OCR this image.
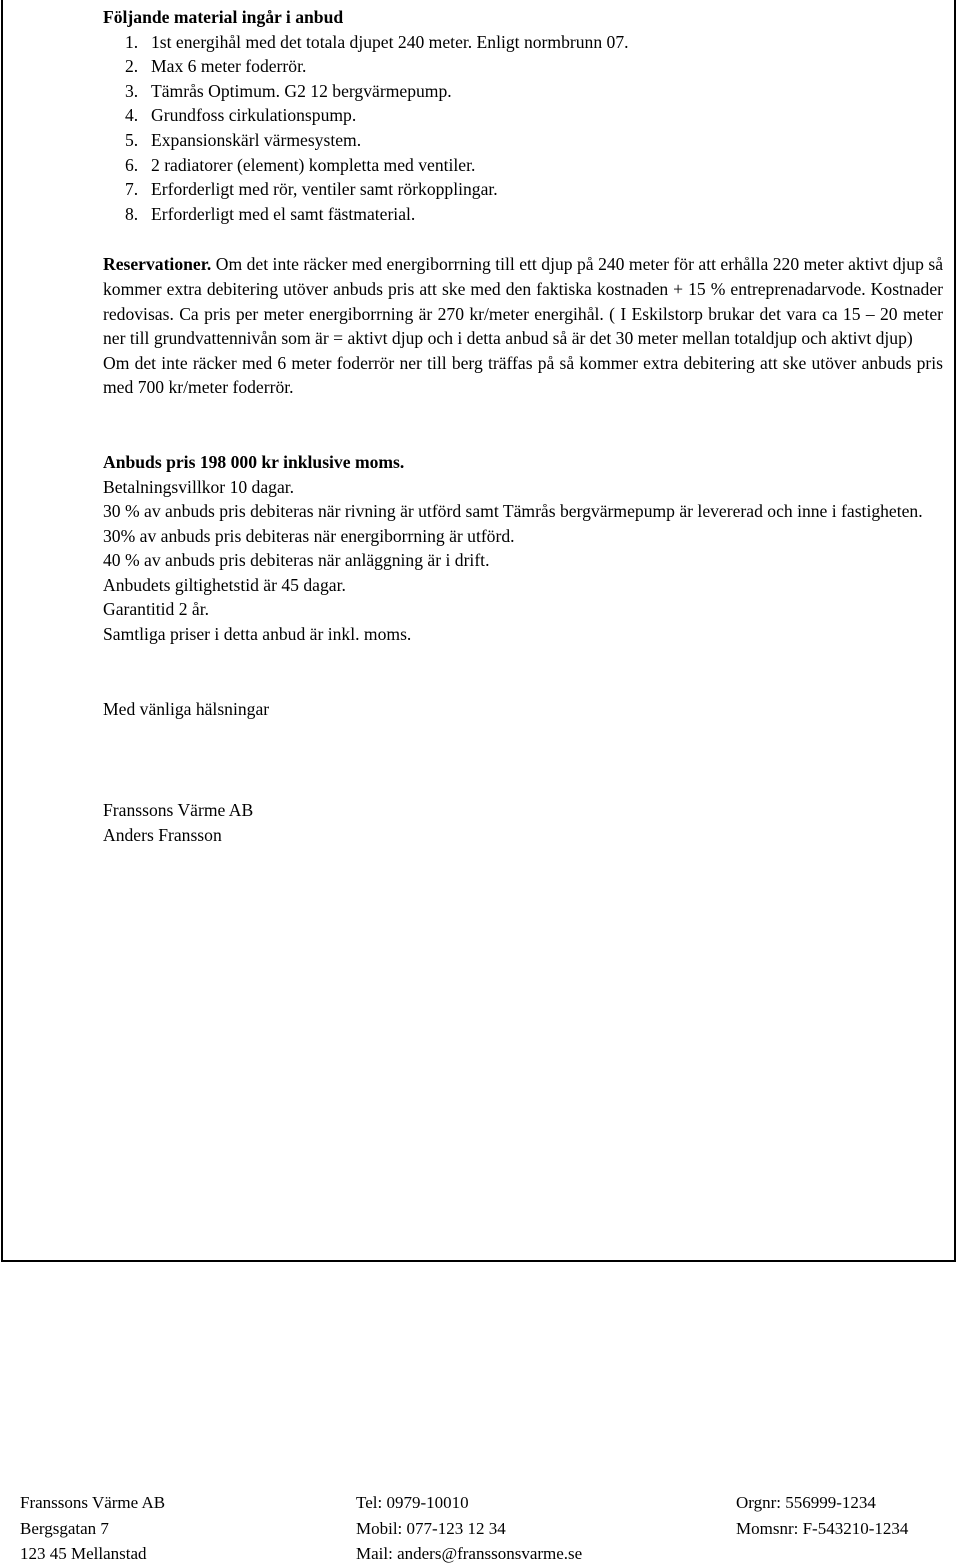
Följande material ingår i anbud

1. 1st energihål med det totala djupet 240 meter. Enligt normbrunn 07.
2. Max 6 meter foderrör.
3. Tämrås Optimum. G2 12 bergvärmepump.
4. Grundfoss cirkulationspump.
5. Expansionskärl värmesystem.
6. 2 radiatorer (element) kompletta med ventiler.
7. Erforderligt med rör, ventiler samt rörkopplingar.
8. Erforderligt med el samt fästmaterial.

Reservationer. Om det inte räcker med energiborrning till ett djup på 240 meter för att erhålla 220 meter aktivt djup så kommer extra debitering utöver anbuds pris att ske med den faktiska kostnaden + 15 % entreprenadarvode. Kostnader redovisas. Ca pris per meter energiborrning är 270 kr/meter energihål. ( I Eskilstorp brukar det vara ca 15 – 20 meter ner till grundvattennivån som är = aktivt djup och i detta anbud så är det 30 meter mellan totaldjup och aktivt djup)

Om det inte räcker med 6 meter foderrör ner till berg träffas på så kommer extra debitering att ske utöver anbuds pris med 700 kr/meter foderrör.

Anbuds pris 198 000 kr inklusive moms.

Betalningsvillkor 10 dagar.

30 % av anbuds pris debiteras när rivning är utförd samt Tämrås bergvärmepump är levererad och inne i fastigheten.

30% av anbuds pris debiteras när energiborrning är utförd.

40 % av anbuds pris debiteras när anläggning är i drift.

Anbudets giltighetstid är 45 dagar.

Garantitid 2 år.

Samtliga priser i detta anbud är inkl. moms.

Med vänliga hälsningar

Franssons Värme AB

Anders Fransson

Franssons Värme AB
Bergsgatan 7
123 45 Mellanstad
Tel: 0979-10010
Mobil: 077-123 12 34
Mail: anders@franssonsvarme.se
Orgnr: 556999-1234
Momsnr: F-543210-1234
